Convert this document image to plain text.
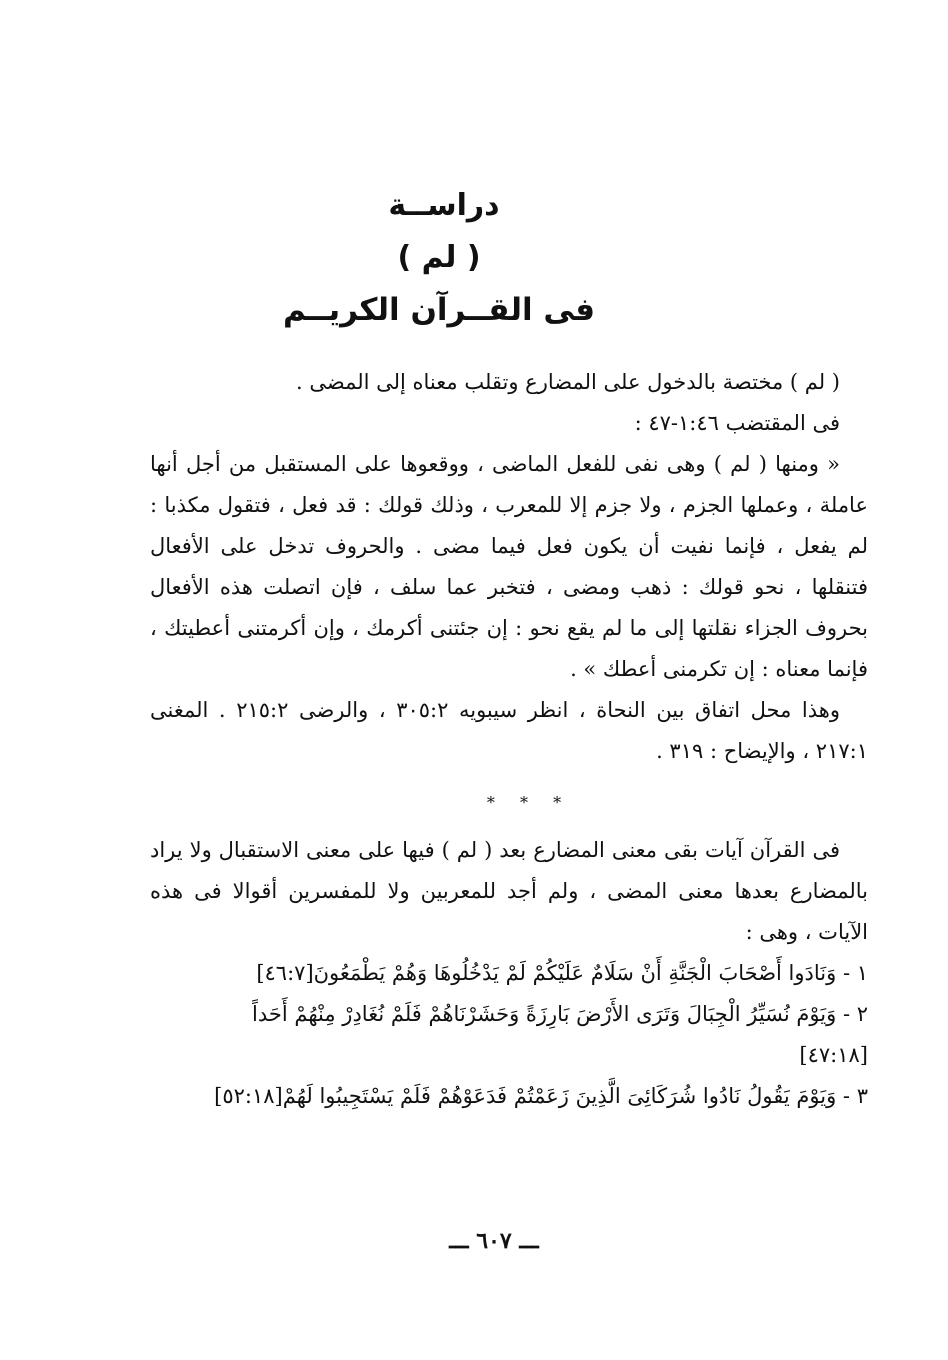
دراســة

( لم )

فى القــرآن الكريــم

( لم ) مختصة بالدخول على المضارع وتقلب معناه إلى المضى .

فى المقتضب ١:٤٦-٤٧ :

« ومنها ( لم ) وهى نفى للفعل الماضى ، ووقعوها على المستقبل من أجل أنها عاملة ، وعملها الجزم ، ولا جزم إلا للمعرب ، وذلك قولك : قد فعل ، فتقول مكذبا : لم يفعل ، فإنما نفيت أن يكون فعل فيما مضى . والحروف تدخل على الأفعال فتنقلها ، نحو قولك : ذهب ومضى ، فتخبر عما سلف ، فإن اتصلت هذه الأفعال بحروف الجزاء نقلتها إلى ما لم يقع نحو : إن جئتنى أكرمك ، وإن أكرمتنى أعطيتك ، فإنما معناه : إن تكرمنى أعطك » .

وهذا محل اتفاق بين النحاة ، انظر سيبويه ٣٠٥:٢ ، والرضى ٢١٥:٢ . المغنى ٢١٧:١ ، والإيضاح : ٣١٩ .

* * *

فى القرآن آيات بقى معنى المضارع بعد ( لم ) فيها على معنى الاستقبال ولا يراد بالمضارع بعدها معنى المضى ، ولم أجد للمعربين ولا للمفسرين أقوالا فى هذه الآيات ، وهى :

١ - وَنَادَوا أَصْحَابَ الْجَنَّةِ أَنْ سَلَامٌ عَلَيْكُمْ لَمْ يَدْخُلُوهَا وَهُمْ يَطْمَعُونَ[٤٦:٧]

٢ - وَيَوْمَ نُسَيِّرُ الْجِبَالَ وَتَرَى الأَرْضَ بَارِزَةً وَحَشَرْنَاهُمْ فَلَمْ نُغَادِرْ مِنْهُمْ أَحَداً

[٤٧:١٨]

٣ - وَيَوْمَ يَقُولُ نَادُوا شُرَكَائِىَ الَّذِينَ زَعَمْتُمْ فَدَعَوْهُمْ فَلَمْ يَسْتَجِيبُوا لَهُمْ[٥٢:١٨]

ـــ ٦٠٧ ـــ
